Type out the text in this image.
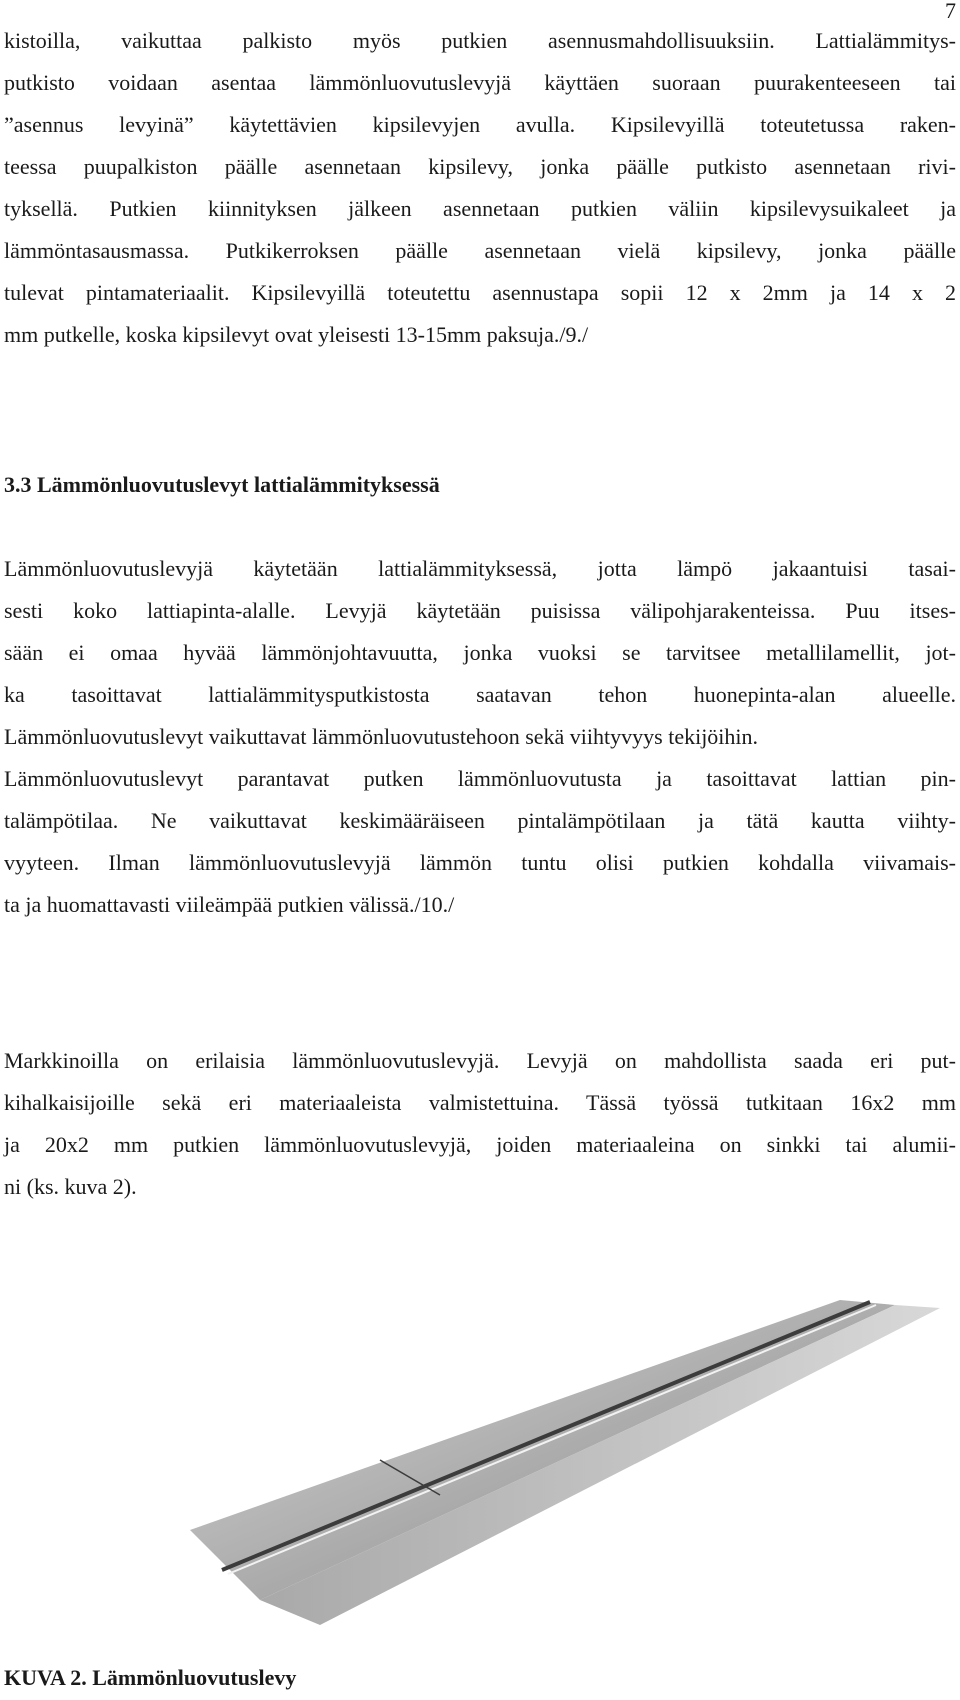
7
kistoilla, vaikuttaa palkisto myös putkien asennusmahdollisuuksiin. Lattialämmitys-
putkisto voidaan asentaa lämmönluovutuslevyjä käyttäen suoraan puurakenteeseen tai
”asennus levyinä” käytettävien kipsilevyjen avulla. Kipsilevyillä toteutetussa raken-
teessa puupalkiston päälle asennetaan kipsilevy, jonka päälle putkisto asennetaan rivi-
tyksellä. Putkien kiinnityksen jälkeen asennetaan putkien väliin kipsilevysuikaleet ja
lämmöntasausmassa. Putkikerroksen päälle asennetaan vielä kipsilevy, jonka päälle
tulevat pintamateriaalit. Kipsilevyillä toteutettu asennustapa sopii 12 x 2mm ja 14 x 2
mm putkelle, koska kipsilevyt ovat yleisesti 13-15mm paksuja./9./
3.3 Lämmönluovutuslevyt lattialämmityksessä
Lämmönluovutuslevyjä käytetään lattialämmityksessä, jotta lämpö jakaantuisi tasai-
sesti koko lattiapinta-alalle. Levyjä käytetään puisissa välipohjarakenteissa. Puu itses-
sään ei omaa hyvää lämmönjohtavuutta, jonka vuoksi se tarvitsee metallilamellit, jot-
ka tasoittavat lattialämmitysputkistosta saatavan tehon huonepinta-alan alueelle.
Lämmönluovutuslevyt vaikuttavat lämmönluovutustehoon sekä viihtyvyys tekijöihin.
Lämmönluovutuslevyt parantavat putken lämmönluovutusta ja tasoittavat lattian pin-
talämpötilaa. Ne vaikuttavat keskimääräiseen pintalämpötilaan ja tätä kautta viihty-
vyyteen. Ilman lämmönluovutuslevyjä lämmön tuntu olisi putkien kohdalla viivamais-
ta ja huomattavasti viileämpää putkien välissä./10./
Markkinoilla on erilaisia lämmönluovutuslevyjä. Levyjä on mahdollista saada eri put-
kihalkaisijoille sekä eri materiaaleista valmistettuina. Tässä työssä tutkitaan 16x2 mm
ja 20x2 mm putkien lämmönluovutuslevyjä, joiden materiaaleina on sinkki tai alumii-
ni (ks. kuva 2).
KUVA 2. Lämmönluovutuslevy
